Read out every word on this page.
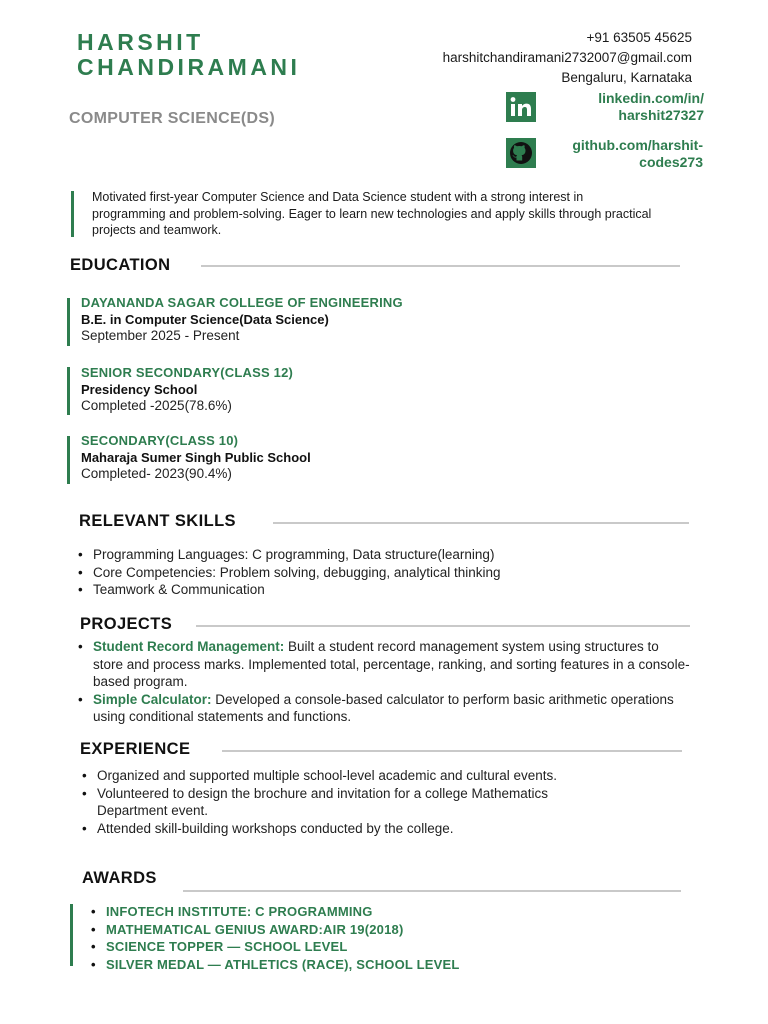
HARSHIT
CHANDIRAMANI
COMPUTER SCIENCE(DS)
+91 63505 45625
harshitchandiramani2732007@gmail.com
Bengaluru, Karnataka
linkedin.com/in/
harshit27327
github.com/harshit-
codes273
Motivated first-year Computer Science and Data Science student with a strong interest in programming and problem-solving. Eager to learn new technologies and apply skills through practical projects and teamwork.
EDUCATION
DAYANANDA SAGAR COLLEGE OF ENGINEERING
B.E. in Computer Science(Data Science)
September 2025 - Present
SENIOR SECONDARY(CLASS 12)
Presidency School
Completed -2025(78.6%)
SECONDARY(CLASS 10)
Maharaja Sumer Singh Public School
Completed- 2023(90.4%)
RELEVANT SKILLS
• Programming Languages: C programming, Data structure(learning)
• Core Competencies: Problem solving, debugging, analytical thinking
• Teamwork & Communication
PROJECTS
• Student Record Management: Built a student record management system using structures to store and process marks. Implemented total, percentage, ranking, and sorting features in a console-based program.
• Simple Calculator: Developed a console-based calculator to perform basic arithmetic operations using conditional statements and functions.
EXPERIENCE
• Organized and supported multiple school-level academic and cultural events.
• Volunteered to design the brochure and invitation for a college Mathematics Department event.
• Attended skill-building workshops conducted by the college.
AWARDS
• INFOTECH INSTITUTE: C PROGRAMMING
• MATHEMATICAL GENIUS AWARD:AIR 19(2018)
• SCIENCE TOPPER — SCHOOL LEVEL
• SILVER MEDAL — ATHLETICS (RACE), SCHOOL LEVEL
